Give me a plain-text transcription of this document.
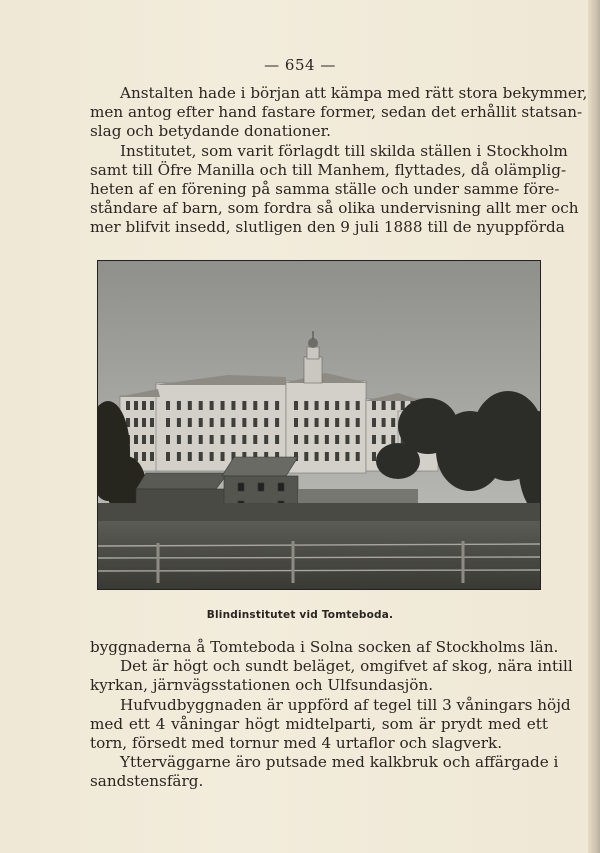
— 654 —
Anstalten hade i början att kämpa med rätt stora bekymmer,
men antog efter hand fastare former, sedan det erhållit statsan-
slag och betydande donationer.
Institutet, som varit förlagdt till skilda ställen i Stockholm
samt till Öfre Manilla och till Manhem, flyttades, då olämplig-
heten af en förening på samma ställe och under samme före-
ståndare af barn, som fordra så olika undervisning allt mer och
mer blifvit insedd, slutligen den 9 juli 1888 till de nyuppförda
Blindinstitutet vid Tomteboda.
byggnaderna å Tomteboda i Solna socken af Stockholms län.
Det är högt och sundt beläget, omgifvet af skog, nära intill
kyrkan, järnvägsstationen och Ulfsundasjön.
Hufvudbyggnaden är uppförd af tegel till 3 våningars höjd
med ett 4 våningar högt midtelparti, som är prydt med ett
torn, försedt med tornur med 4 urtaflor och slagverk.
Ytterväggarne äro putsade med kalkbruk och affärgade i
sandstensfärg.
